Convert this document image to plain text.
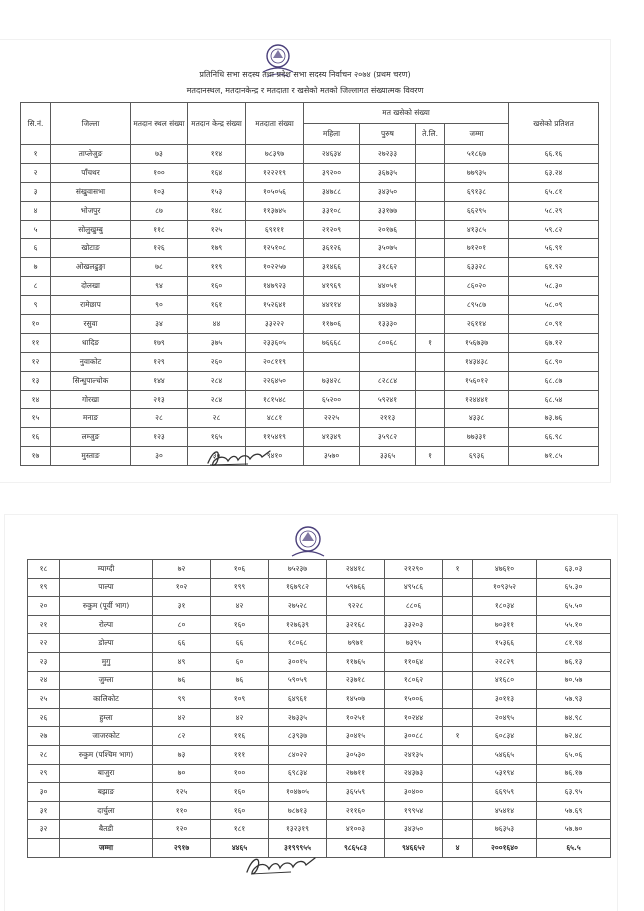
प्रतिनिधि सभा सदस्य तथा प्रदेश सभा सदस्य निर्वाचन २०७४ (प्रथम चरण)
मतदानस्थल, मतदानकेन्द्र र मतदाता र खसेको मतको जिल्लागत संख्यात्मक विवरण
सि.नं.	जिल्ला	मतदान स्थल संख्या	मतदान केन्द्र संख्या	मतदाता संख्या	मत खसेको संख्या				खसेको प्रतिशत
					महिला	पुरुष	ते.लि.	जम्मा	
१	ताप्लेजुङ	७३	११४	७८३९७	२४६३४	२७२३३		५१८६७	६६.१६
२	पाँचथर	१००	१६४	१२२२१९	३९२००	३६७३५		७७९३५	६३.२४
३	संखुवासभा	१०३	१५३	१०५०५६	३४७८८	३४३५०		६९१३८	६५.८१
४	भोजपुर	८७	१४८	११३७४५	३३१०८	३३१७७		६६२९५	५८.२९
५	सोलुखुम्बु	११८	१२५	६९१११	२१२०९	२०१७६		४१३८५	५९.८२
६	खोटाङ	१२६	१७९	१२५१०८	३६१२६	३५०७५		७१२०१	५६.९१
७	ओखलढुङ्गा	७८	११९	१०२२५७	३१४६६	३१८६२		६३३२८	६१.९२
८	दोलखा	९४	१६०	१४७९२३	४१९६९	४४०५१		८६०२०	५८.३०
९	रामेछाप	९०	१६१	१५२६४१	४४११४	४४४७३		८९५८७	५८.०९
१०	रसुवा	३४	४४	३३२२२	११७०६	१३३३०		२६११४	८०.९१
११	धादिङ	१७९	३७५	२३३६०५	७६६६८	८००६८	१	१५६७३७	६७.१२
१२	नुवाकोट	१२९	२६०	२०८११९				१४३४३८	६८.९०
१३	सिन्धुपाल्चोक	१४४	२८४	२२६४५०	७३४२८	८२८८४		१५६०१२	६८.८७
१४	गोरखा	२१३	२८४	१८१५४८	६५२००	५९२४१		१२४४४१	६८.५४
१५	मनाङ	२८	२८	४८८१	२२२५	२११३		४३३८	७३.७६
१६	लम्जुङ	१२३	१६५	११५४१९	४१३४९	३५९८२		७७३३१	६६.९८
१७	मुस्ताङ	३०	३०	९४१०	३५७०	३३६५	१	६९३६	७१.८५
१८	म्याग्दी	७२	१०६	७५२३७	२४४१८	२१२९०	१	४७६१०	६३.०३
१९	पाल्पा	१०२	१९९	१६७९८२	५९७६६	४९५८६		१०९३५२	६५.३०
२०	रुकुम (पूर्वी भाग)	३१	४२	२७५२८	९२२८	८८०६		१८०३४	६५.५०
२१	रोल्पा	८०	१६०	१२७६३९	३२१६८	३३२०३		७०३११	५५.१०
२२	डोल्पा	६६	६६	१८०६८	७९७१	७३९५		१५३६६	८१.९४
२३	मुगु	४९	६०	३००१५	११७६५	११०६४		२२८२९	७६.१३
२४	जुम्ला	७६	७६	५९०५९	२३७१८	१८०६२		४१६८०	७०.५७
२५	कालिकोट	९९	१०९	६४९६१	१४५०७	१५००६		३०११३	५७.९३
२६	हुम्ला	४२	४२	२७३३५	१०२५१	१०२४४		२०४९५	७४.९८
२७	जाजरकोट	८२	११६	८३९३७	३०४१५	३००८८	१	६०८३४	७२.४८
२८	रुकुम (पश्चिम भाग)	७३	१११	८४०२२	३०५३०	२४१३५		५४६६५	६५.०६
२९	बाजुरा	७०	१००	६९८३४	२७७११	२४३७३		५३१९४	७६.१७
३०	बझाङ	१२५	१६०	१०४७०५	३६५५९	३०४००		६६९५९	६३.९५
३१	दार्चुला	११०	१६०	७८७१३	२११६०	१९९५४		४५४१४	५७.६९
३२	बैतडी	१२०	१८१	१३२३१९	४१००३	३४३५०		७६३५३	५७.७०
	जम्मा	२९१७	४४६५	३१९९९५५	९८६५८३	९४६६५२	४	२००१६४०	६५.५
